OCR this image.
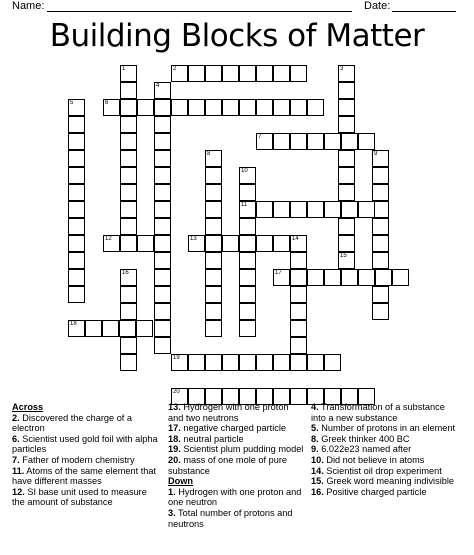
Name:	Date:
Building Blocks of Matter
2
4
3
15
5	6
7
8	9
10
11
12	13	14
16	17
18
19
20
1
Across
2. Discovered the charge of a electron
6. Scientist used gold foil with alpha particles
7. Father of modern chemistry
11. Atoms of the same element that have different masses
12. SI base unit used to measure the amount of substance
13. Hydrogen with one proton and two neutrons
17. negative charged particle
18. neutral particle
19. Scientist plum pudding model
20. mass of one mole of pure substance
Down
1. Hydrogen with one proton and one neutron
3. Total number of protons and neutrons
4. Transformation of a substance into a new substance
5. Number of protons in an element
8. Greek thinker 400 BC
9. 6.022e23 named after
10. Did not believe in atoms
14. Scientist oil drop experiment
15. Greek word meaning indivisible
16. Positive charged particle
